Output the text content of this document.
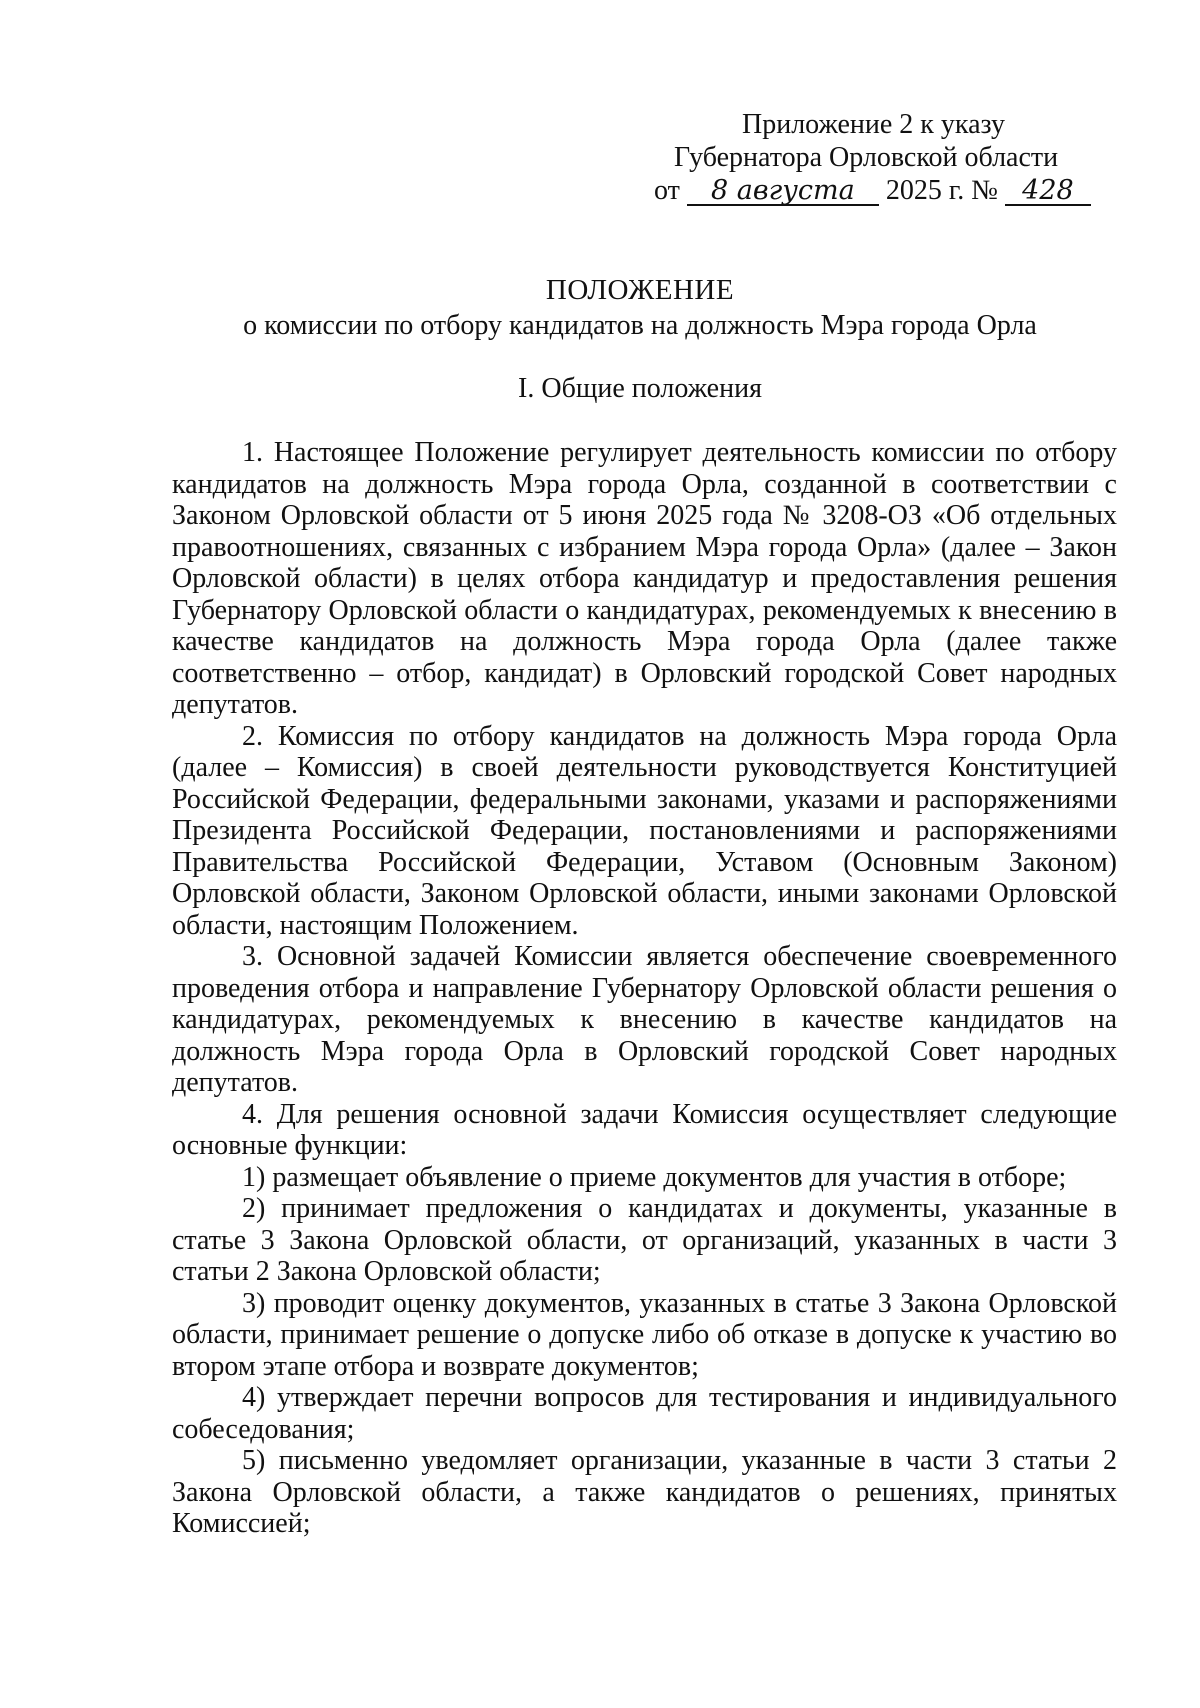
Приложение 2 к указу
Губернатора Орловской области
от 8 августа 2025 г. № 428
ПОЛОЖЕНИЕ
о комиссии по отбору кандидатов на должность Мэра города Орла
I. Общие положения

1. Настоящее Положение регулирует деятельность комиссии по отбору кандидатов на должность Мэра города Орла, созданной в соответствии с Законом Орловской области от 5 июня 2025 года № 3208-ОЗ «Об отдельных правоотношениях, связанных с избранием Мэра города Орла» (далее – Закон Орловской области) в целях отбора кандидатур и предоставления решения Губернатору Орловской области о кандидатурах, рекомендуемых к внесению в качестве кандидатов на должность Мэра города Орла (далее также соответственно – отбор, кандидат) в Орловский городской Совет народных депутатов.

2. Комиссия по отбору кандидатов на должность Мэра города Орла (далее – Комиссия) в своей деятельности руководствуется Конституцией Российской Федерации, федеральными законами, указами и распоряжениями Президента Российской Федерации, постановлениями и распоряжениями Правительства Российской Федерации, Уставом (Основным Законом) Орловской области, Законом Орловской области, иными законами Орловской области, настоящим Положением.

3. Основной задачей Комиссии является обеспечение своевременного проведения отбора и направление Губернатору Орловской области решения о кандидатурах, рекомендуемых к внесению в качестве кандидатов на должность Мэра города Орла в Орловский городской Совет народных депутатов.

4. Для решения основной задачи Комиссия осуществляет следующие основные функции:

1) размещает объявление о приеме документов для участия в отборе;

2) принимает предложения о кандидатах и документы, указанные в статье 3 Закона Орловской области, от организаций, указанных в части 3 статьи 2 Закона Орловской области;

3) проводит оценку документов, указанных в статье 3 Закона Орловской области, принимает решение о допуске либо об отказе в допуске к участию во втором этапе отбора и возврате документов;

4) утверждает перечни вопросов для тестирования и индивидуального собеседования;

5) письменно уведомляет организации, указанные в части 3 статьи 2 Закона Орловской области, а также кандидатов о решениях, принятых Комиссией;
